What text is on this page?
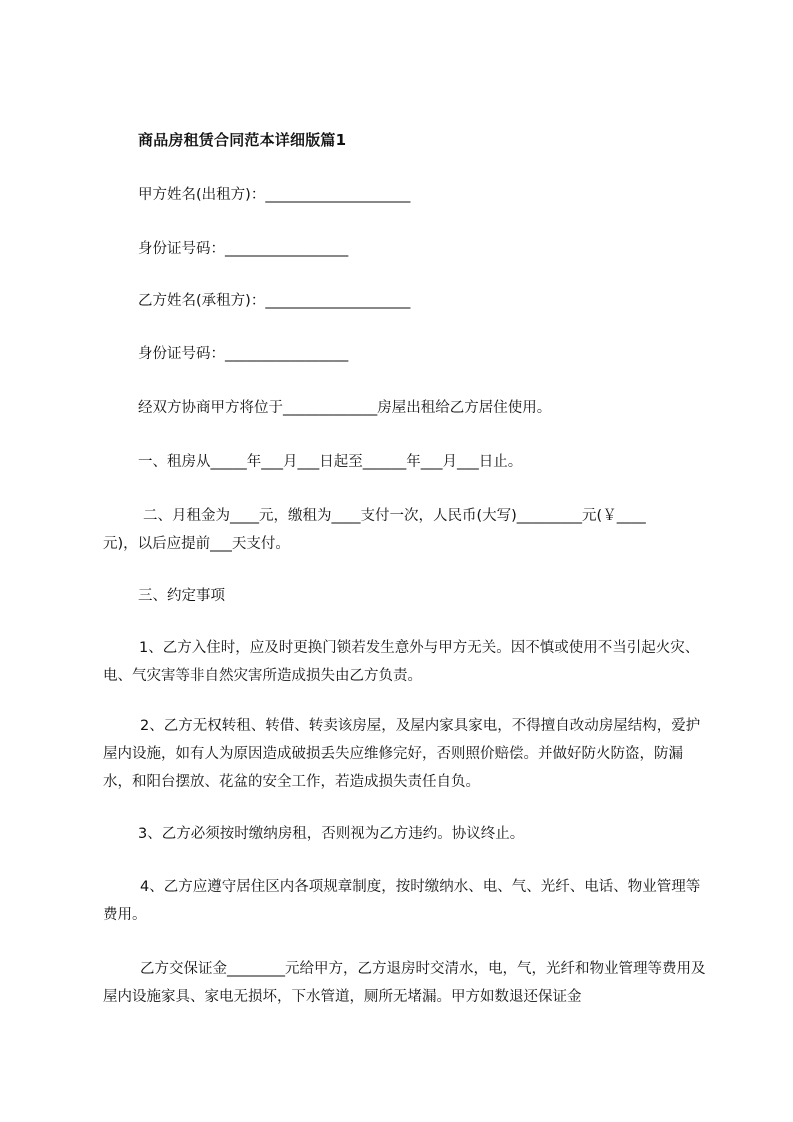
商品房租赁合同范本详细版篇1
甲方姓名(出租方)：____________________
身份证号码：_________________
乙方姓名(承租方)：____________________
身份证号码：_________________
经双方协商甲方将位于_____________房屋出租给乙方居住使用。
一、租房从_____年___月___日起至______年___月___日止。
二、月租金为____元，缴租为____支付一次，人民币(大写)_________元(￥____
元)，以后应提前___天支付。
三、约定事项
1、乙方入住时，应及时更换门锁若发生意外与甲方无关。因不慎或使用不当引起火灾、电、气灾害等非自然灾害所造成损失由乙方负责。
2、乙方无权转租、转借、转卖该房屋，及屋内家具家电，不得擅自改动房屋结构，爱护屋内设施，如有人为原因造成破损丢失应维修完好，否则照价赔偿。并做好防火防盗，防漏水，和阳台摆放、花盆的安全工作，若造成损失责任自负。
3、乙方必须按时缴纳房租，否则视为乙方违约。协议终止。
4、乙方应遵守居住区内各项规章制度，按时缴纳水、电、气、光纤、电话、物业管理等费用。
乙方交保证金________元给甲方，乙方退房时交清水，电，气，光纤和物业管理等费用及屋内设施家具、家电无损坏，下水管道，厕所无堵漏。甲方如数退还保证金
